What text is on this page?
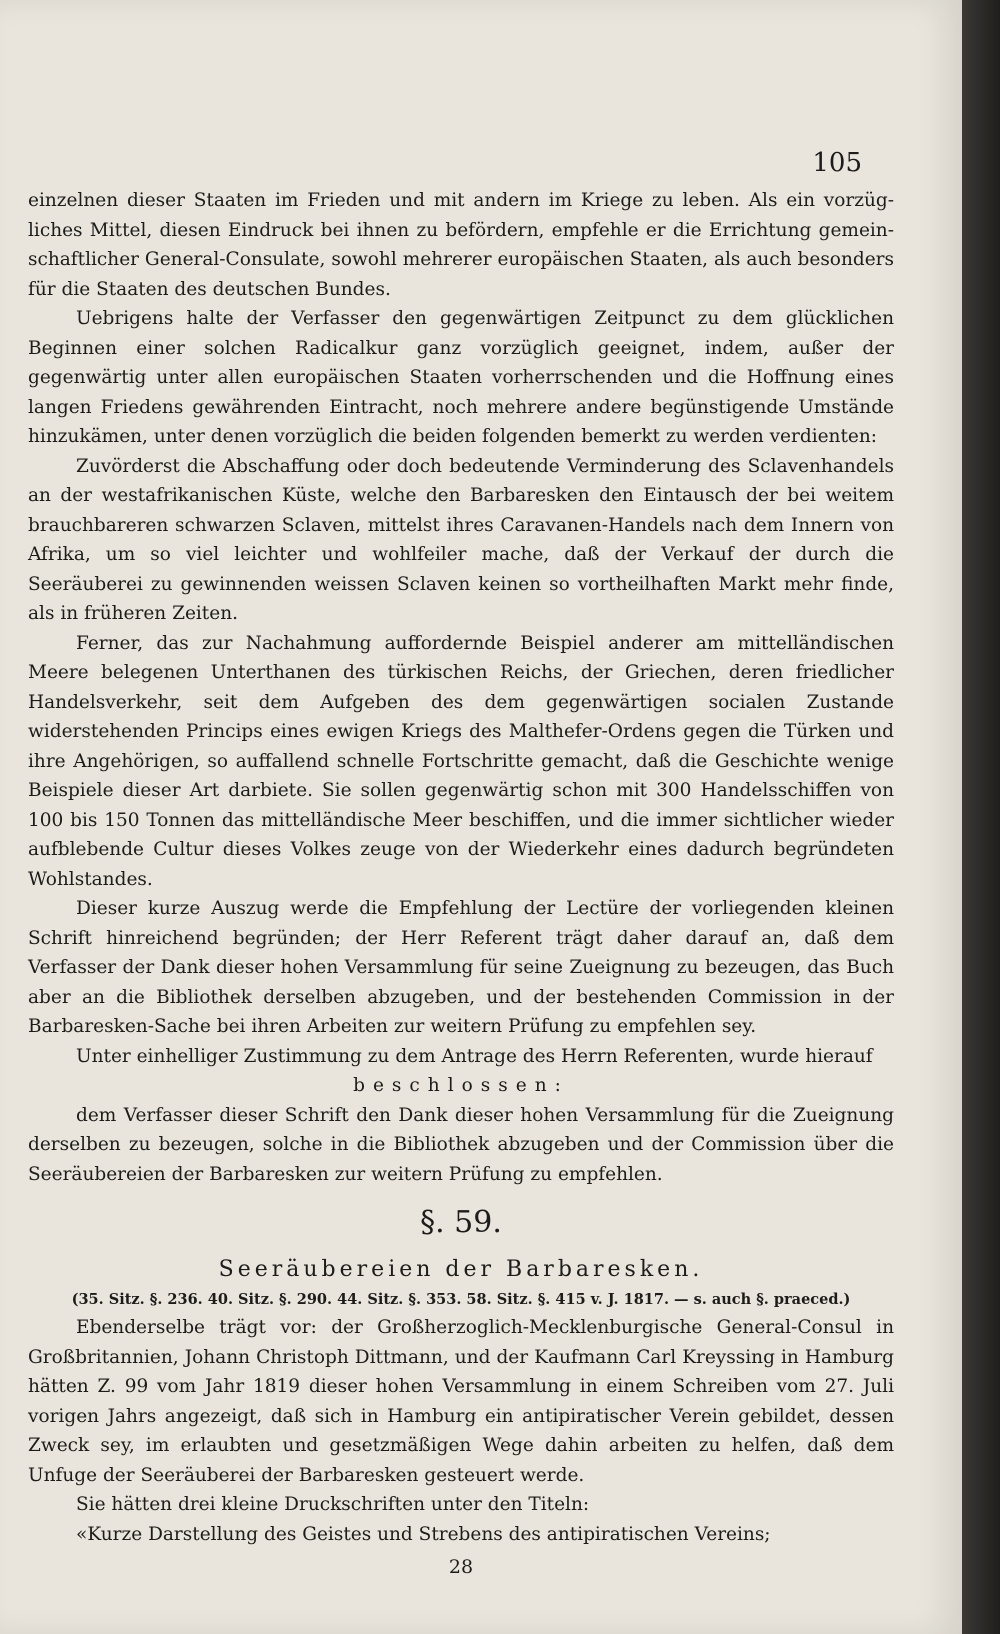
105

einzelnen dieser Staaten im Frieden und mit andern im Kriege zu leben. Als ein vorzügliches Mittel, diesen Eindruck bei ihnen zu befördern, empfehle er die Errichtung gemeinschaftlicher General-Consulate, sowohl mehrerer europäischen Staaten, als auch besonders für die Staaten des deutschen Bundes.

Uebrigens halte der Verfasser den gegenwärtigen Zeitpunct zu dem glücklichen Beginnen einer solchen Radicalkur ganz vorzüglich geeignet, indem, außer der gegenwärtig unter allen europäischen Staaten vorherrschenden und die Hoffnung eines langen Friedens gewährenden Eintracht, noch mehrere andere begünstigende Umstände hinzukämen, unter denen vorzüglich die beiden folgenden bemerkt zu werden verdienten:

Zuvörderst die Abschaffung oder doch bedeutende Verminderung des Sclavenhandels an der westafrikanischen Küste, welche den Barbaresken den Eintausch der bei weitem brauchbareren schwarzen Sclaven, mittelst ihres Caravanen-Handels nach dem Innern von Afrika, um so viel leichter und wohlfeiler mache, daß der Verkauf der durch die Seeräuberei zu gewinnenden weissen Sclaven keinen so vortheilhaften Markt mehr finde, als in früheren Zeiten.

Ferner, das zur Nachahmung auffordernde Beispiel anderer am mittelländischen Meere belegenen Unterthanen des türkischen Reichs, der Griechen, deren friedlicher Handelsverkehr, seit dem Aufgeben des dem gegenwärtigen socialen Zustande widerstehenden Princips eines ewigen Kriegs des Malthefer-Ordens gegen die Türken und ihre Angehörigen, so auffallend schnelle Fortschritte gemacht, daß die Geschichte wenige Beispiele dieser Art darbiete. Sie sollen gegenwärtig schon mit 300 Handelsschiffen von 100 bis 150 Tonnen das mittelländische Meer beschiffen, und die immer sichtlicher wieder aufblebende Cultur dieses Volkes zeuge von der Wiederkehr eines dadurch begründeten Wohlstandes.

Dieser kurze Auszug werde die Empfehlung der Lectüre der vorliegenden kleinen Schrift hinreichend begründen; der Herr Referent trägt daher darauf an, daß dem Verfasser der Dank dieser hohen Versammlung für seine Zueignung zu bezeugen, das Buch aber an die Bibliothek derselben abzugeben, und der bestehenden Commission in der Barbaresken-Sache bei ihren Arbeiten zur weitern Prüfung zu empfehlen sey.

Unter einhelliger Zustimmung zu dem Antrage des Herrn Referenten, wurde hierauf

beschlossen:

dem Verfasser dieser Schrift den Dank dieser hohen Versammlung für die Zueignung derselben zu bezeugen, solche in die Bibliothek abzugeben und der Commission über die Seeräubereien der Barbaresken zur weitern Prüfung zu empfehlen.

§. 59.

Seeräubereien der Barbaresken.

(35. Sitz. §. 236. 40. Sitz. §. 290. 44. Sitz. §. 353. 58. Sitz. §. 415 v. J. 1817. — s. auch §. praeced.)

Ebenderselbe trägt vor: der Großherzoglich-Mecklenburgische General-Consul in Großbritannien, Johann Christoph Dittmann, und der Kaufmann Carl Kreyssing in Hamburg hätten Z. 99 vom Jahr 1819 dieser hohen Versammlung in einem Schreiben vom 27. Juli vorigen Jahrs angezeigt, daß sich in Hamburg ein antipiratischer Verein gebildet, dessen Zweck sey, im erlaubten und gesetzmäßigen Wege dahin arbeiten zu helfen, daß dem Unfuge der Seeräuberei der Barbaresken gesteuert werde.

Sie hätten drei kleine Druckschriften unter den Titeln:

«Kurze Darstellung des Geistes und Strebens des antipiratischen Vereins;

28
